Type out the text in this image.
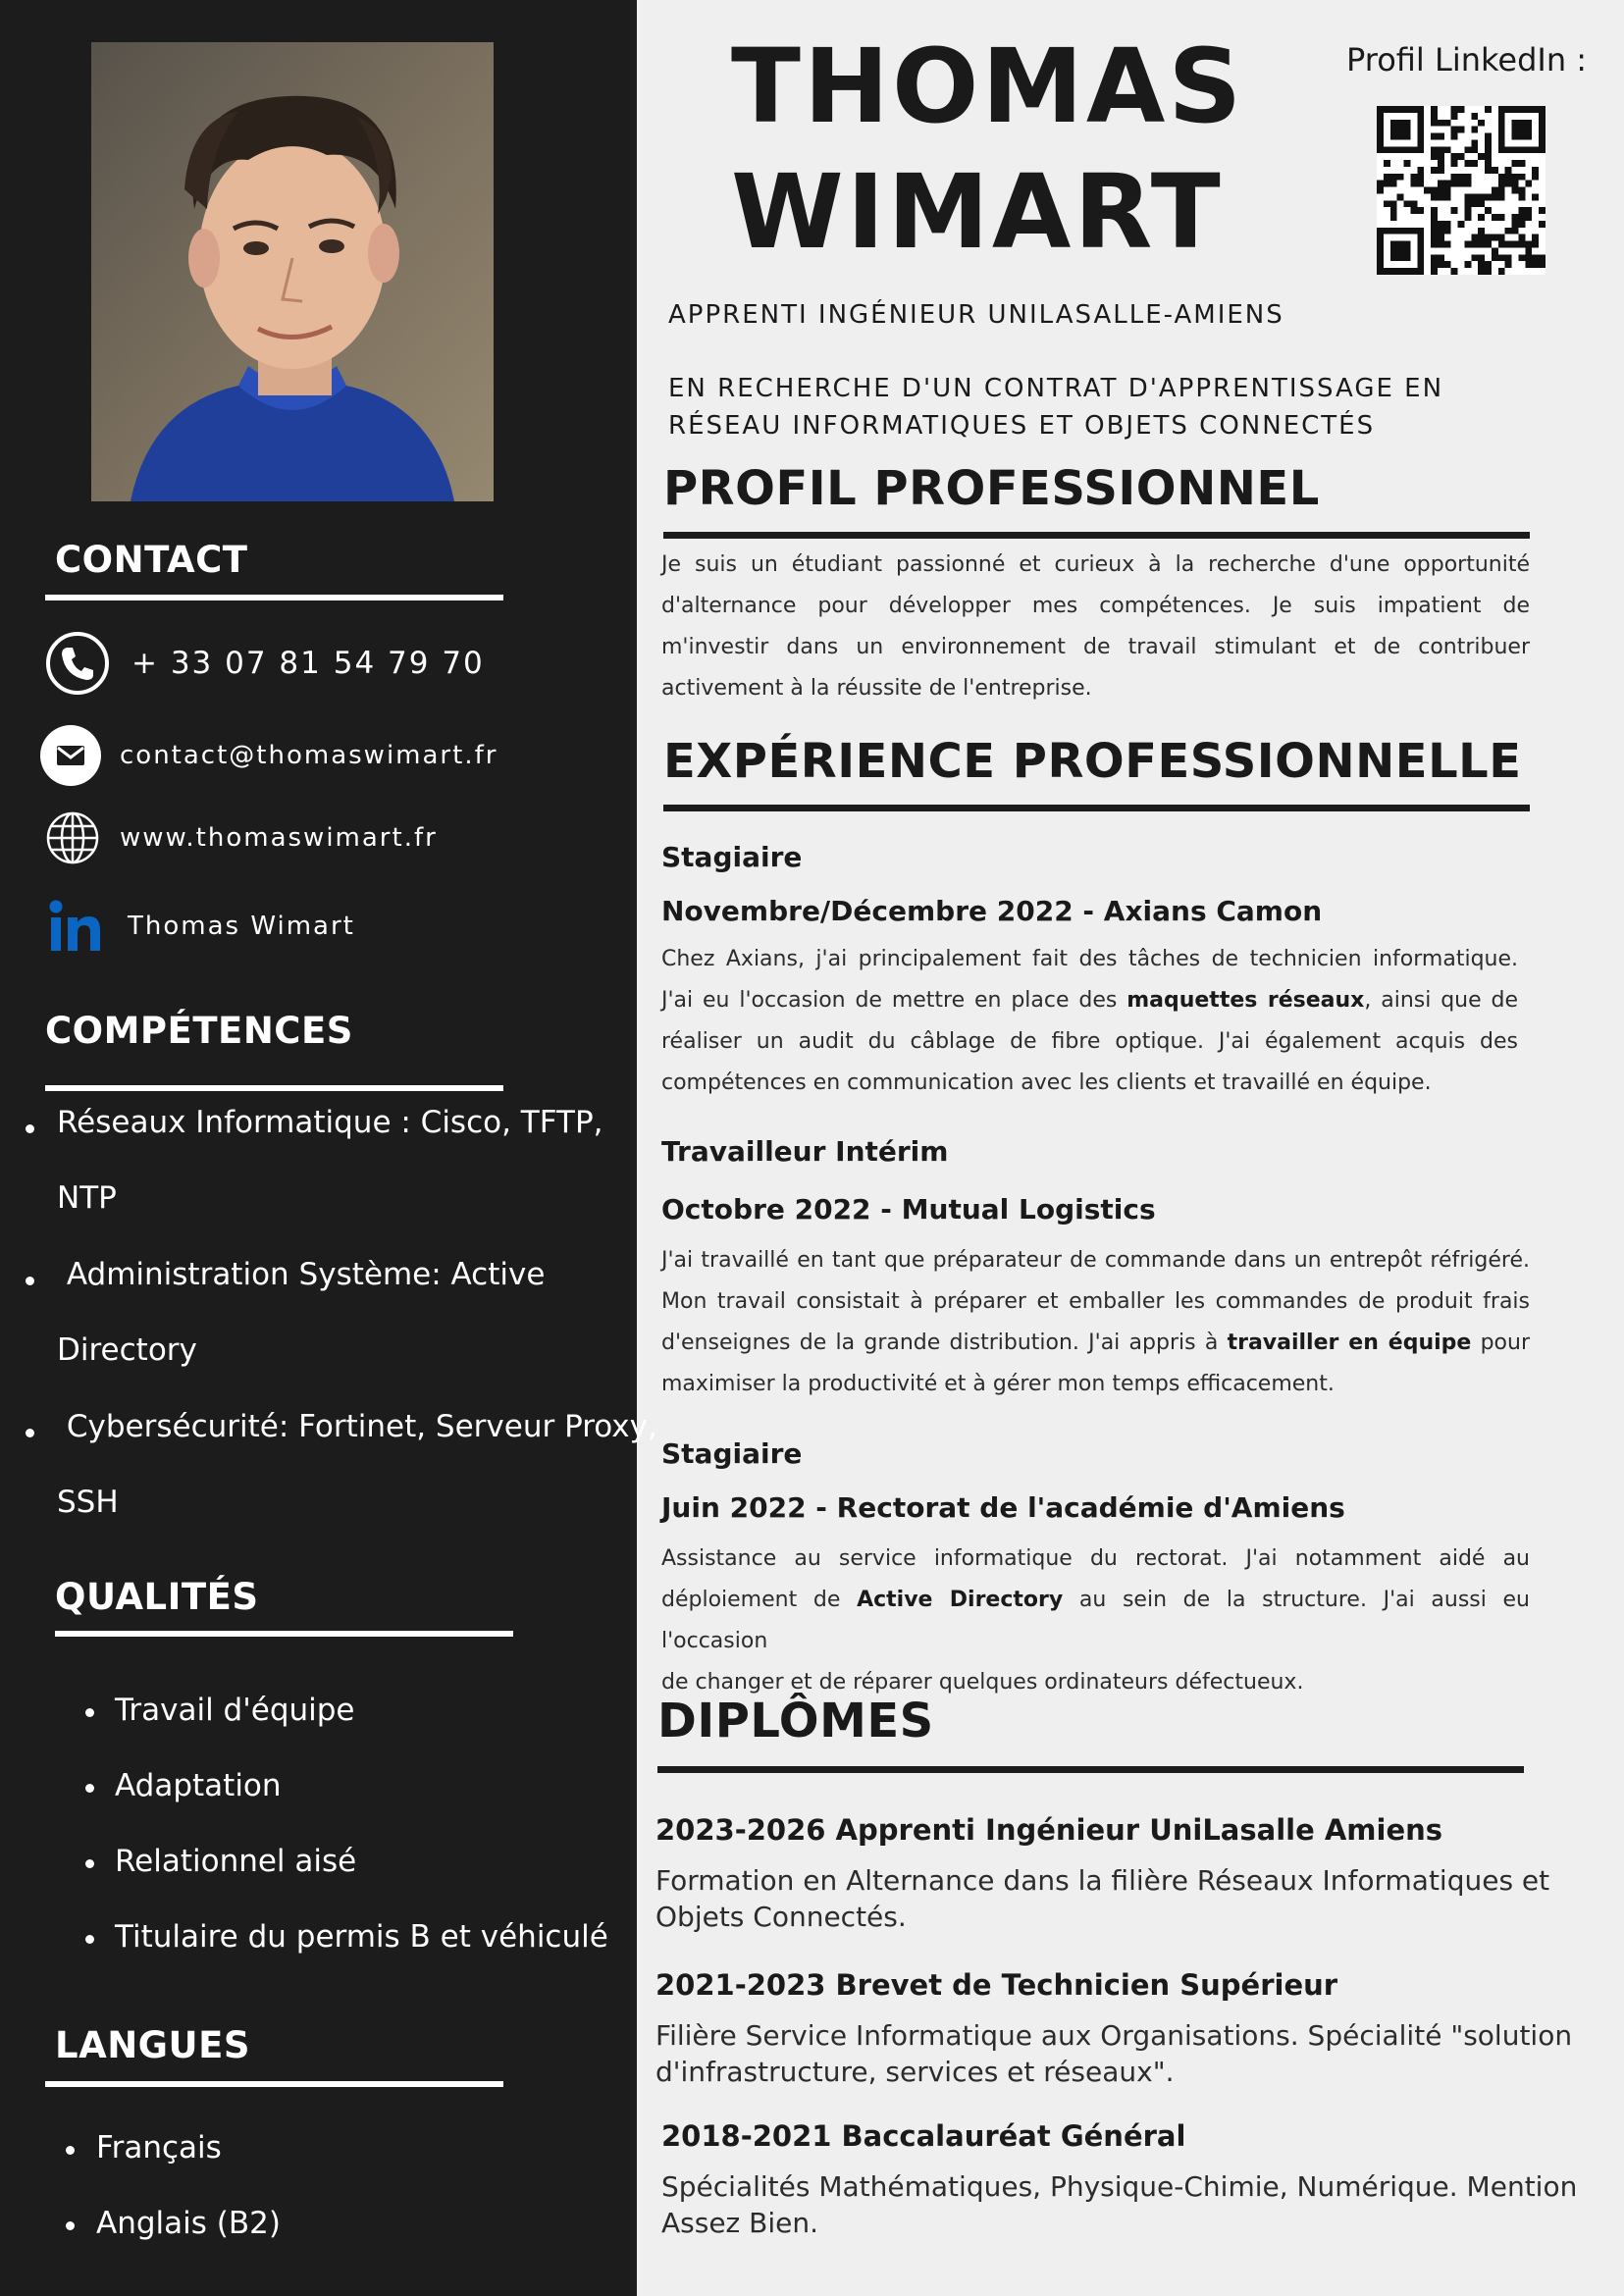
CONTACT
+ 33 07 81 54 79 70
contact@thomaswimart.fr
www.thomaswimart.fr
Thomas Wimart
COMPÉTENCES
Réseaux Informatique : Cisco, TFTP,
NTP
Administration Système: Active
Directory
Cybersécurité: Fortinet, Serveur Proxy,
SSH
QUALITÉS
Travail d'équipe
Adaptation
Relationnel aisé
Titulaire du permis B et véhiculé
LANGUES
Français
Anglais (B2)
THOMAS
WIMART
Profil LinkedIn :
APPRENTI INGÉNIEUR UNILASALLE-AMIENS
EN RECHERCHE D'UN CONTRAT D'APPRENTISSAGE EN
RÉSEAU INFORMATIQUES ET OBJETS CONNECTÉS
PROFIL PROFESSIONNEL
Je suis un étudiant passionné et curieux à la recherche d'une opportunité
d'alternance pour développer mes compétences. Je suis impatient de
m'investir dans un environnement de travail stimulant et de contribuer
activement à la réussite de l'entreprise.
EXPÉRIENCE PROFESSIONNELLE
Stagiaire
Novembre/Décembre 2022 - Axians Camon
Chez Axians, j'ai principalement fait des tâches de technicien informatique.
J'ai eu l'occasion de mettre en place des maquettes réseaux, ainsi que de
réaliser un audit du câblage de fibre optique. J'ai également acquis des
compétences en communication avec les clients et travaillé en équipe.
Travailleur Intérim
Octobre 2022 - Mutual Logistics
J'ai travaillé en tant que préparateur de commande dans un entrepôt réfrigéré.
Mon travail consistait à préparer et emballer les commandes de produit frais
d'enseignes de la grande distribution. J'ai appris à travailler en équipe pour
maximiser la productivité et à gérer mon temps efficacement.
Stagiaire
Juin 2022 - Rectorat de l'académie d'Amiens
Assistance au service informatique du rectorat. J'ai notamment aidé au
déploiement de Active Directory au sein de la structure. J'ai aussi eu l'occasion
de changer et de réparer quelques ordinateurs défectueux.
DIPLÔMES
2023-2026 Apprenti Ingénieur UniLasalle Amiens
Formation en Alternance dans la filière Réseaux Informatiques et
Objets Connectés.
2021-2023 Brevet de Technicien Supérieur
Filière Service Informatique aux Organisations. Spécialité "solution
d'infrastructure, services et réseaux".
2018-2021 Baccalauréat Général
Spécialités Mathématiques, Physique-Chimie, Numérique. Mention
Assez Bien.
